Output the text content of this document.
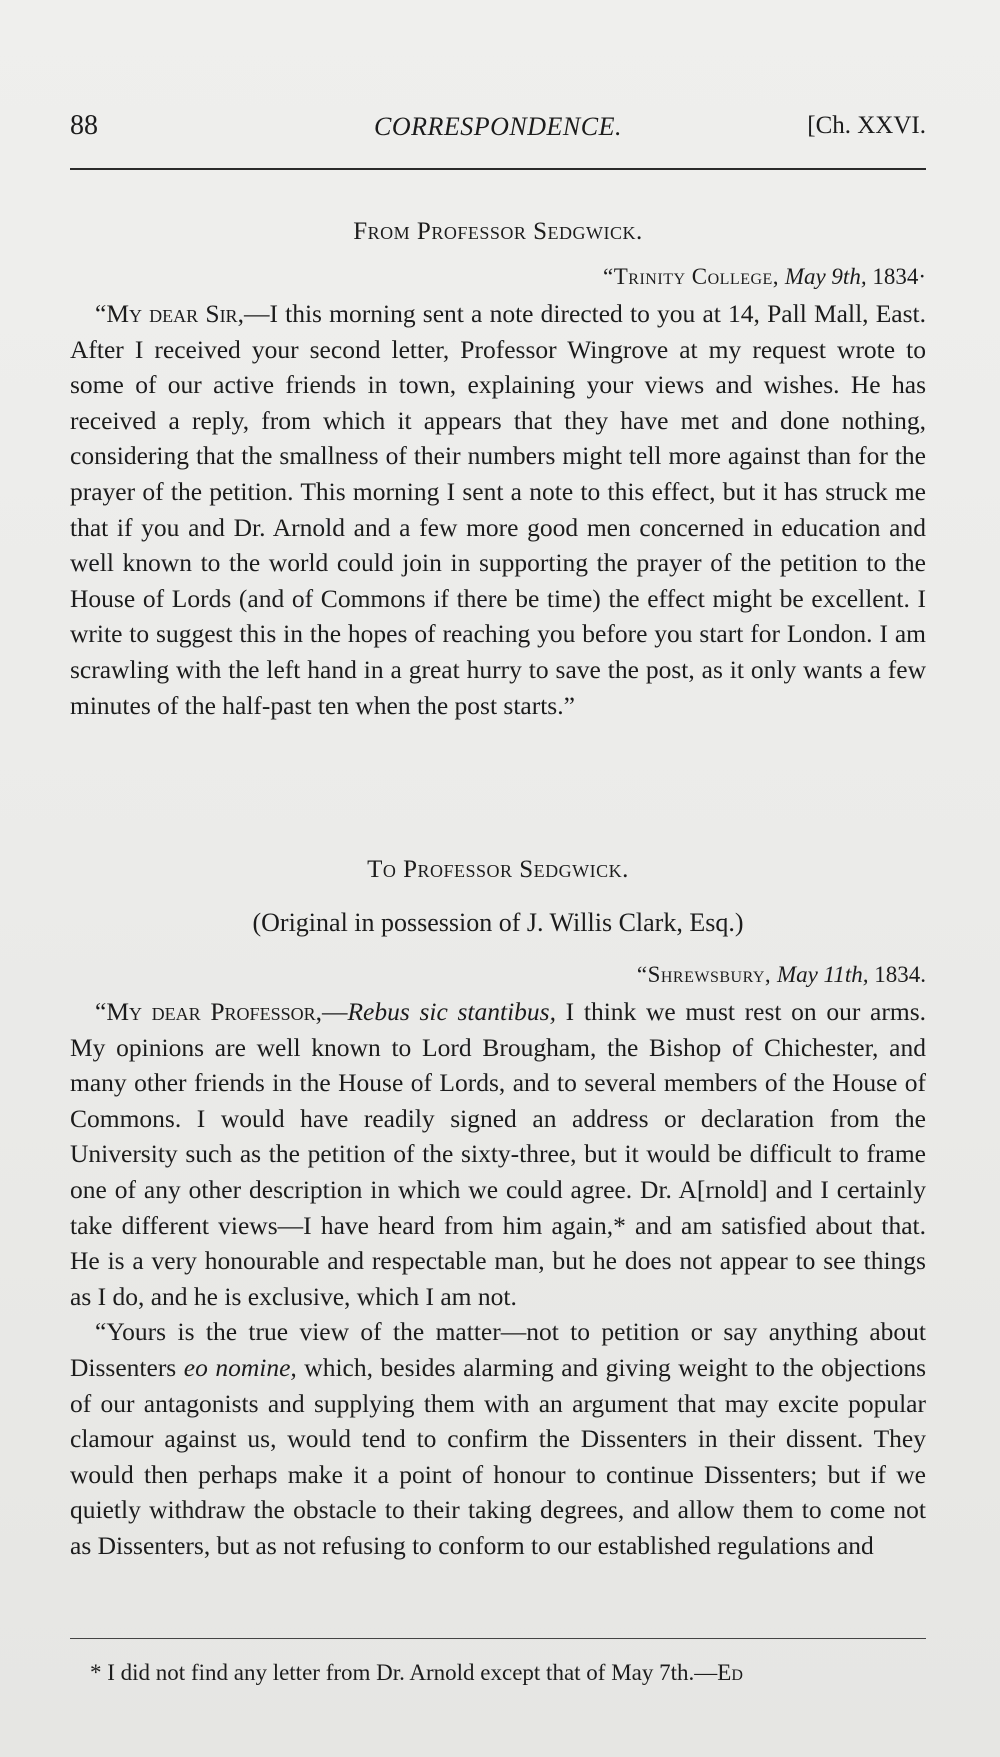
88	CORRESPONDENCE.	[Ch. XXVI.
From Professor Sedgwick.
“Trinity College, May 9th, 1834·

“My dear Sir,—I this morning sent a note directed to you at 14, Pall Mall, East. After I received your second letter, Professor Wingrove at my request wrote to some of our active friends in town, explaining your views and wishes. He has received a reply, from which it appears that they have met and done nothing, considering that the smallness of their numbers might tell more against than for the prayer of the petition. This morning I sent a note to this effect, but it has struck me that if you and Dr. Arnold and a few more good men concerned in education and well known to the world could join in supporting the prayer of the petition to the House of Lords (and of Commons if there be time) the effect might be excellent. I write to suggest this in the hopes of reaching you before you start for London. I am scrawling with the left hand in a great hurry to save the post, as it only wants a few minutes of the half-past ten when the post starts.”

To Professor Sedgwick.
(Original in possession of J. Willis Clark, Esq.)
“Shrewsbury, May 11th, 1834.

“My dear Professor,—Rebus sic stantibus, I think we must rest on our arms. My opinions are well known to Lord Brougham, the Bishop of Chichester, and many other friends in the House of Lords, and to several members of the House of Commons. I would have readily signed an address or declaration from the University such as the petition of the sixty-three, but it would be difficult to frame one of any other description in which we could agree. Dr. A[rnold] and I certainly take different views—I have heard from him again,* and am satisfied about that. He is a very honourable and respectable man, but he does not appear to see things as I do, and he is exclusive, which I am not.

“Yours is the true view of the matter—not to petition or say anything about Dissenters eo nomine, which, besides alarming and giving weight to the objections of our antagonists and supplying them with an argument that may excite popular clamour against us, would tend to confirm the Dissenters in their dissent. They would then perhaps make it a point of honour to continue Dissenters; but if we quietly withdraw the obstacle to their taking degrees, and allow them to come not as Dissenters, but as not refusing to conform to our established regulations and

* I did not find any letter from Dr. Arnold except that of May 7th.—Ed
